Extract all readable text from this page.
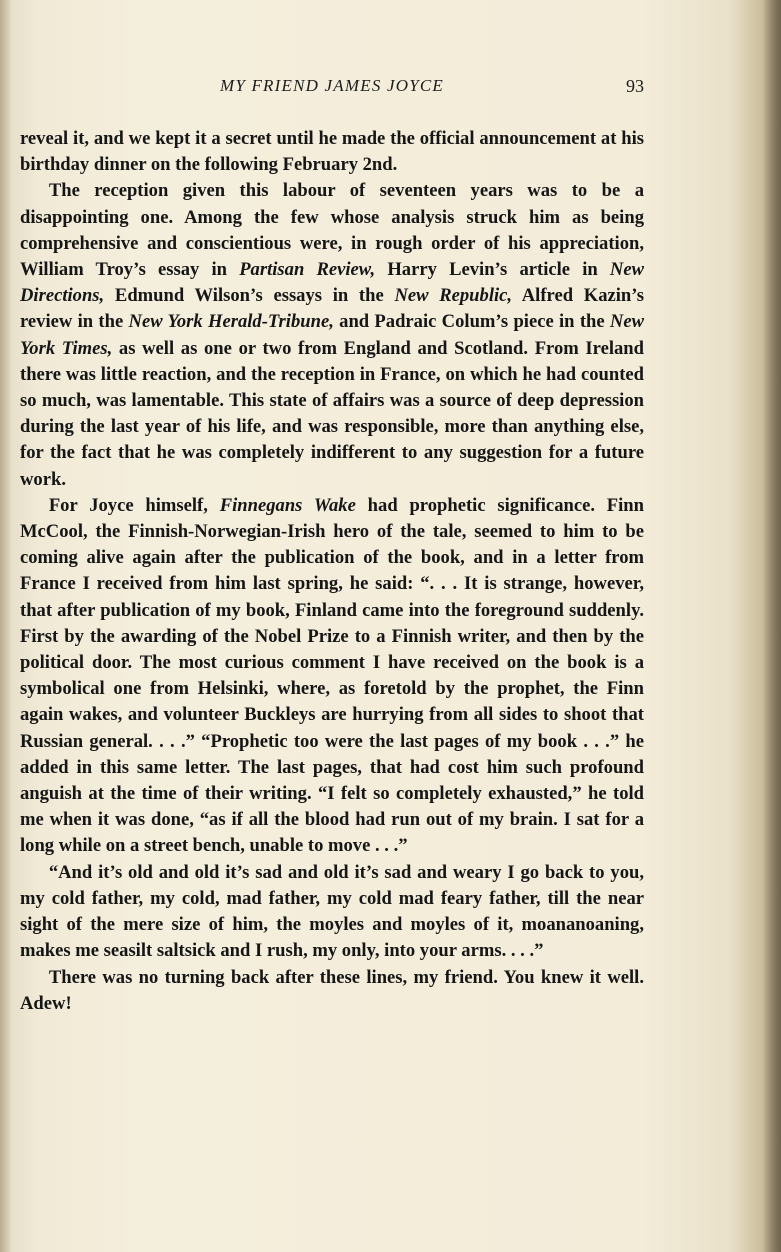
MY FRIEND JAMES JOYCE	93

reveal it, and we kept it a secret until he made the official announcement at his birthday dinner on the following February 2nd.

The reception given this labour of seventeen years was to be a disappointing one. Among the few whose analysis struck him as being comprehensive and conscientious were, in rough order of his appreciation, William Troy’s essay in Partisan Review, Harry Levin’s article in New Directions, Edmund Wilson’s essays in the New Republic, Alfred Kazin’s review in the New York Herald-Tribune, and Padraic Colum’s piece in the New York Times, as well as one or two from England and Scotland. From Ireland there was little reaction, and the reception in France, on which he had counted so much, was lamentable. This state of affairs was a source of deep depression during the last year of his life, and was responsible, more than anything else, for the fact that he was completely indifferent to any suggestion for a future work.

For Joyce himself, Finnegans Wake had prophetic significance. Finn McCool, the Finnish-Norwegian-Irish hero of the tale, seemed to him to be coming alive again after the publication of the book, and in a letter from France I received from him last spring, he said: “. . . It is strange, however, that after publication of my book, Finland came into the foreground suddenly. First by the awarding of the Nobel Prize to a Finnish writer, and then by the political door. The most curious comment I have received on the book is a symbolical one from Helsinki, where, as foretold by the prophet, the Finn again wakes, and volunteer Buckleys are hurrying from all sides to shoot that Russian general. . . .” “Prophetic too were the last pages of my book . . .” he added in this same letter. The last pages, that had cost him such profound anguish at the time of their writing. “I felt so completely exhausted,” he told me when it was done, “as if all the blood had run out of my brain. I sat for a long while on a street bench, unable to move . . .”

“And it’s old and old it’s sad and old it’s sad and weary I go back to you, my cold father, my cold, mad father, my cold mad feary father, till the near sight of the mere size of him, the moyles and moyles of it, moananoaning, makes me seasilt saltsick and I rush, my only, into your arms. . . .”

There was no turning back after these lines, my friend. You knew it well. Adew!
